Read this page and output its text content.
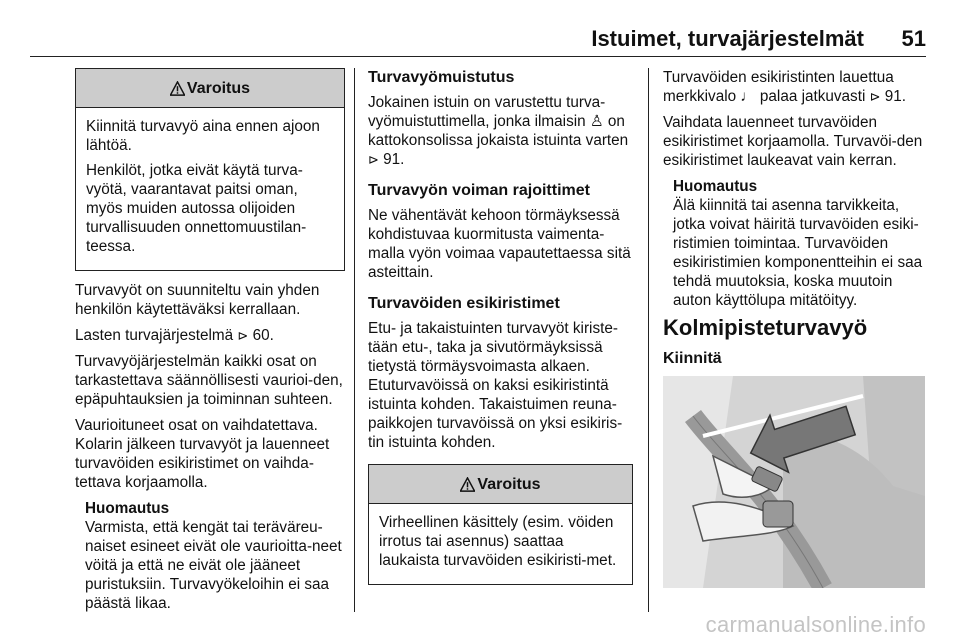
Istuimet, turvajärjestelmät 51
Varoitus

Kiinnitä turvavyö aina ennen ajoon lähtöä.

Henkilöt, jotka eivät käytä turva-vyötä, vaarantavat paitsi oman, myös muiden autossa olijoiden turvallisuuden onnettomuustilan-teessa.

Turvavyöt on suunniteltu vain yhden henkilön käytettäväksi kerrallaan.

Lasten turvajärjestelmä ⊳ 60.

Turvavyöjärjestelmän kaikki osat on tarkastettava säännöllisesti vaurioi-den, epäpuhtauksien ja toiminnan suhteen.

Vaurioituneet osat on vaihdatettava. Kolarin jälkeen turvavyöt ja lauenneet turvavöiden esikiristimet on vaihda-tettava korjaamolla.

Huomautus
Varmista, että kengät tai teräväreu-naiset esineet eivät ole vaurioitta-neet vöitä ja että ne eivät ole jääneet puristuksiin. Turvavyökeloihin ei saa päästä likaa.
Turvavyömuistutus

Jokainen istuin on varustettu turva-vyömuistuttimella, jonka ilmaisin ♙ on kattokonsolissa jokaista istuinta varten ⊳ 91.

Turvavyön voiman rajoittimet

Ne vähentävät kehoon törmäyksessä kohdistuvaa kuormitusta vaimenta-malla vyön voimaa vapautettaessa sitä asteittain.

Turvavöiden esikiristimet

Etu- ja takaistuinten turvavyöt kiriste-tään etu-, taka ja sivutörmäyksissä tietystä törmäysvoimasta alkaen.

Etuturvavöissä on kaksi esikiristintä istuinta kohden. Takaistuimen reuna-paikkojen turvavöissä on yksi esikiris-tin istuinta kohden.

Varoitus

Virheellinen käsittely (esim. vöiden irrotus tai asennus) saattaa laukaista turvavöiden esikiristi-met.

Turvavöiden esikiristinten lauettua merkkivalo ♩ palaa jatkuvasti ⊳ 91.

Vaihdata lauenneet turvavöiden esikiristimet korjaamolla. Turvavöi-den esikiristimet laukeavat vain kerran.

Huomautus
Älä kiinnitä tai asenna tarvikkeita, jotka voivat häiritä turvavöiden esiki-ristimien toimintaa. Turvavöiden esikiristimien komponentteihin ei saa tehdä muutoksia, koska muutoin auton käyttölupa mitätöityy.
Kolmipisteturvavyö
Kiinnitä
carmanualsonline.info
